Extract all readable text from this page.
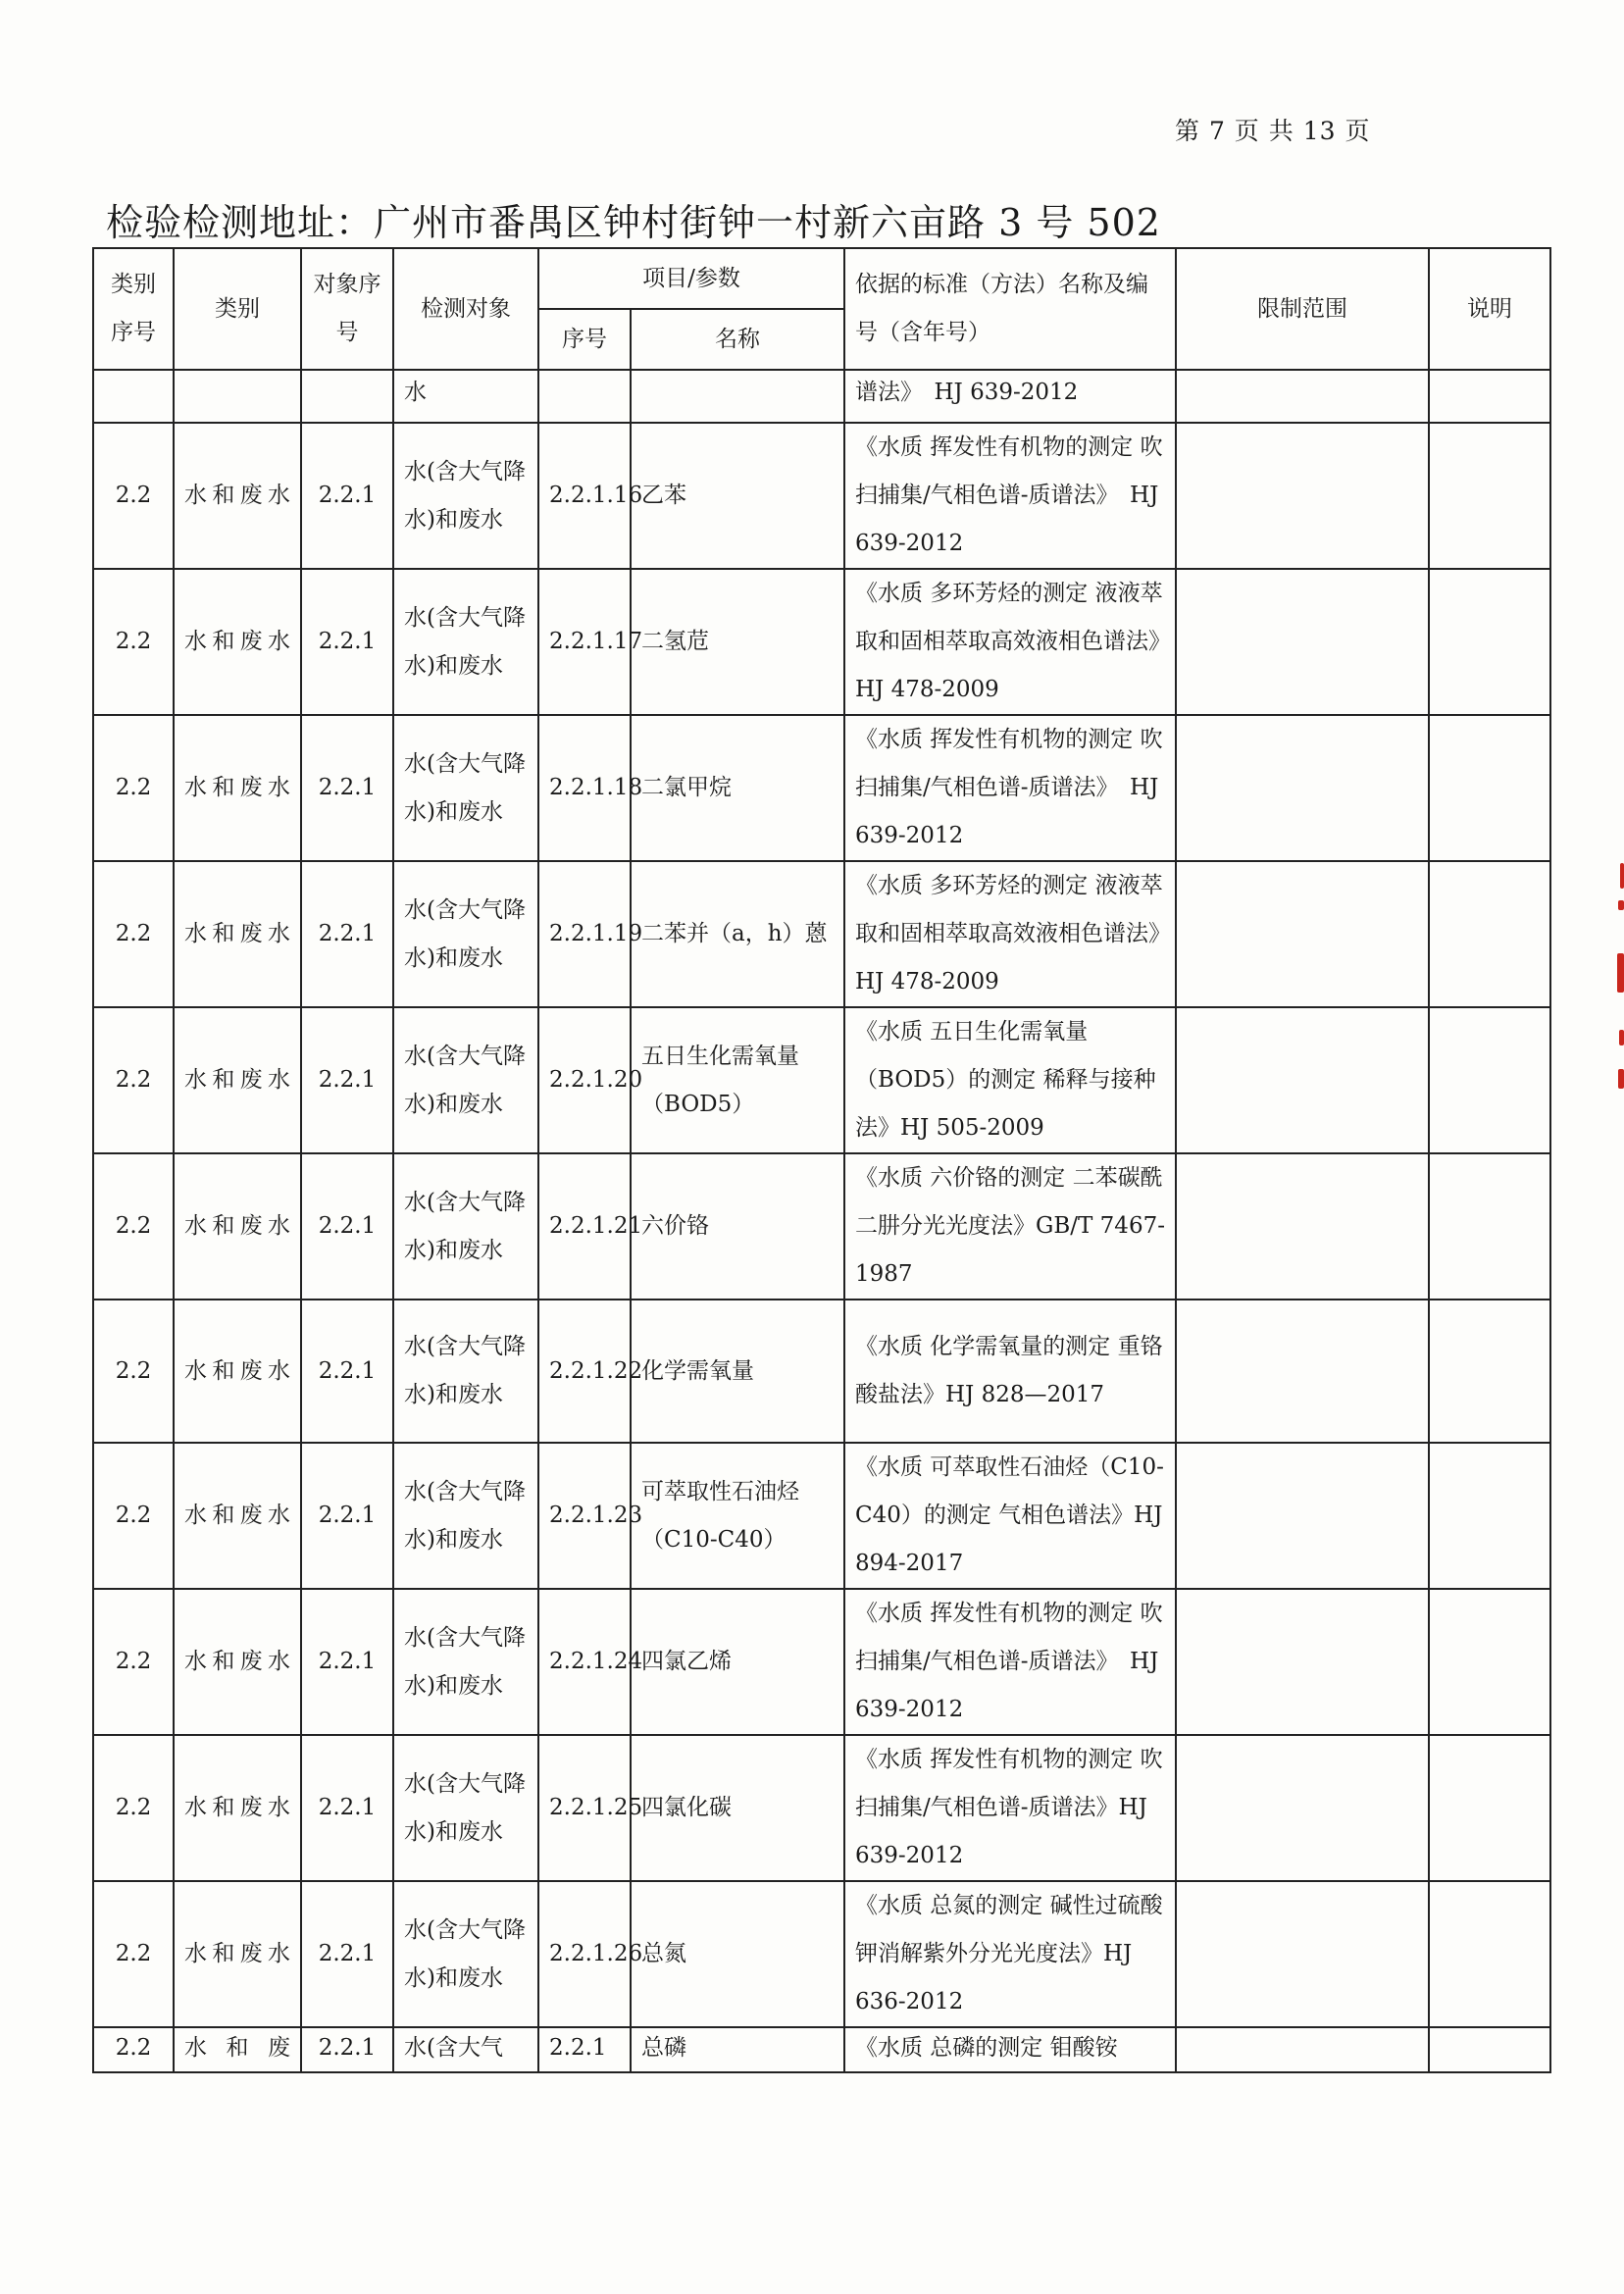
第 7 页 共 13 页
检验检测地址：广州市番禺区钟村街钟一村新六亩路 3 号 502
类别序号	类别	对象序号	检测对象	项目/参数		依据的标准（方法）名称及编号（含年号）	限制范围	说明
				序号	名称			
			水			谱法》　HJ 639-2012		
2.2	水和废水	2.2.1	水(含大气降水)和废水	2.2.1.16	乙苯	《水质 挥发性有机物的测定 吹扫捕集/气相色谱-质谱法》　HJ 639-2012		
2.2	水和废水	2.2.1	水(含大气降水)和废水	2.2.1.17	二氢苊	《水质 多环芳烃的测定 液液萃取和固相萃取高效液相色谱法》HJ 478-2009		
2.2	水和废水	2.2.1	水(含大气降水)和废水	2.2.1.18	二氯甲烷	《水质 挥发性有机物的测定 吹扫捕集/气相色谱-质谱法》　HJ 639-2012		
2.2	水和废水	2.2.1	水(含大气降水)和废水	2.2.1.19	二苯并（a，h）蒽	《水质 多环芳烃的测定 液液萃取和固相萃取高效液相色谱法》HJ 478-2009		
2.2	水和废水	2.2.1	水(含大气降水)和废水	2.2.1.20	五日生化需氧量（BOD5）	《水质 五日生化需氧量（BOD5）的测定 稀释与接种法》HJ 505-2009		
2.2	水和废水	2.2.1	水(含大气降水)和废水	2.2.1.21	六价铬	《水质 六价铬的测定 二苯碳酰二肼分光光度法》GB/T 7467-1987		
2.2	水和废水	2.2.1	水(含大气降水)和废水	2.2.1.22	化学需氧量	《水质 化学需氧量的测定 重铬酸盐法》HJ 828—2017		
2.2	水和废水	2.2.1	水(含大气降水)和废水	2.2.1.23	可萃取性石油烃（C10-C40）	《水质 可萃取性石油烃（C10-C40）的测定 气相色谱法》HJ 894-2017		
2.2	水和废水	2.2.1	水(含大气降水)和废水	2.2.1.24	四氯乙烯	《水质 挥发性有机物的测定 吹扫捕集/气相色谱-质谱法》　HJ 639-2012		
2.2	水和废水	2.2.1	水(含大气降水)和废水	2.2.1.25	四氯化碳	《水质 挥发性有机物的测定 吹扫捕集/气相色谱-质谱法》HJ 639-2012		
2.2	水和废水	2.2.1	水(含大气降水)和废水	2.2.1.26	总氮	《水质 总氮的测定 碱性过硫酸钾消解紫外分光光度法》HJ 636-2012		
2.2	水和废	2.2.1	水(含大气	2.2.1	总磷	《水质 总磷的测定 钼酸铵		
